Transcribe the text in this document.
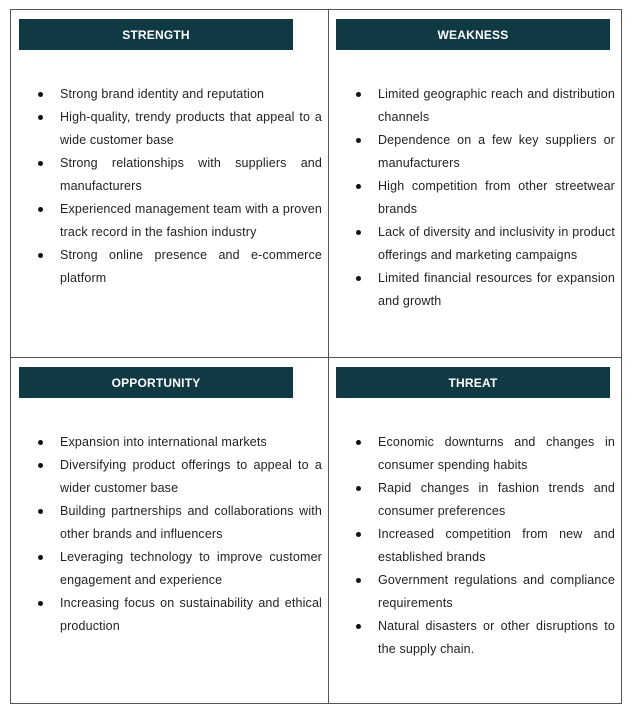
STRENGTH
Strong brand identity and reputation
High-quality, trendy products that appeal to a wide customer base
Strong relationships with suppliers and manufacturers
Experienced management team with a proven track record in the fashion industry
Strong online presence and e-commerce platform
WEAKNESS
Limited geographic reach and distribution channels
Dependence on a few key suppliers or manufacturers
High competition from other streetwear brands
Lack of diversity and inclusivity in product offerings and marketing campaigns
Limited financial resources for expansion and growth
OPPORTUNITY
Expansion into international markets
Diversifying product offerings to appeal to a wider customer base
Building partnerships and collaborations with other brands and influencers
Leveraging technology to improve customer engagement and experience
Increasing focus on sustainability and ethical production
THREAT
Economic downturns and changes in consumer spending habits
Rapid changes in fashion trends and consumer preferences
Increased competition from new and established brands
Government regulations and compliance requirements
Natural disasters or other disruptions to the supply chain.
